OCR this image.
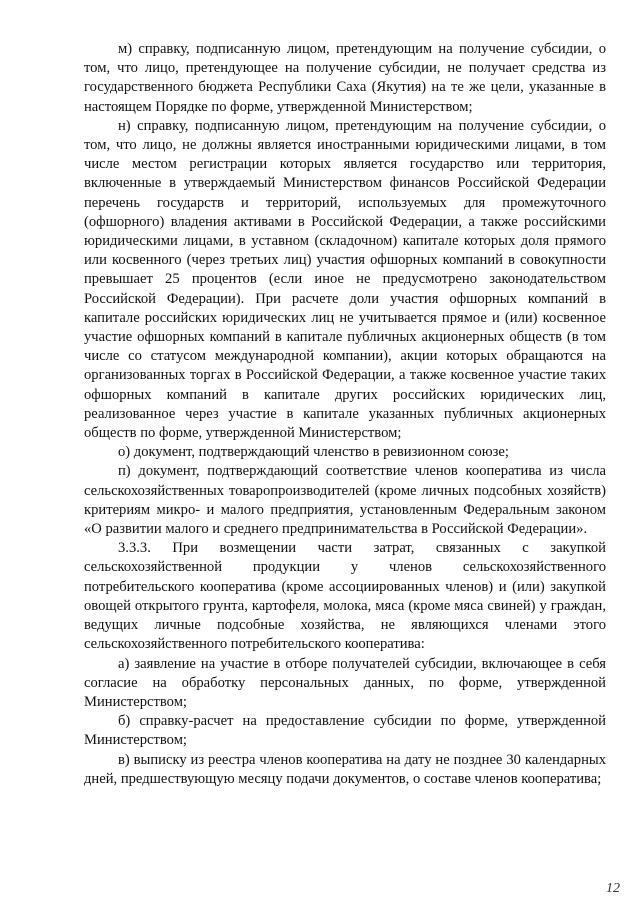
м) справку, подписанную лицом, претендующим на получение субсидии, о том, что лицо, претендующее на получение субсидии, не получает средства из государственного бюджета Республики Саха (Якутия) на те же цели, указанные в настоящем Порядке по форме, утвержденной Министерством;

н) справку, подписанную лицом, претендующим на получение субсидии, о том, что лицо, не должны является иностранными юридическими лицами, в том числе местом регистрации которых является государство или территория, включенные в утверждаемый Министерством финансов Российской Федерации перечень государств и территорий, используемых для промежуточного (офшорного) владения активами в Российской Федерации, а также российскими юридическими лицами, в уставном (складочном) капитале которых доля прямого или косвенного (через третьих лиц) участия офшорных компаний в совокупности превышает 25 процентов (если иное не предусмотрено законодательством Российской Федерации). При расчете доли участия офшорных компаний в капитале российских юридических лиц не учитывается прямое и (или) косвенное участие офшорных компаний в капитале публичных акционерных обществ (в том числе со статусом международной компании), акции которых обращаются на организованных торгах в Российской Федерации, а также косвенное участие таких офшорных компаний в капитале других российских юридических лиц, реализованное через участие в капитале указанных публичных акционерных обществ по форме, утвержденной Министерством;

о) документ, подтверждающий членство в ревизионном союзе;

п) документ, подтверждающий соответствие членов кооператива из числа сельскохозяйственных товаропроизводителей (кроме личных подсобных хозяйств) критериям микро- и малого предприятия, установленным Федеральным законом «О развитии малого и среднего предпринимательства в Российской Федерации».

3.3.3. При возмещении части затрат, связанных с закупкой сельскохозяйственной продукции у членов сельскохозяйственного потребительского кооператива (кроме ассоциированных членов) и (или) закупкой овощей открытого грунта, картофеля, молока, мяса (кроме мяса свиней) у граждан, ведущих личные подсобные хозяйства, не являющихся членами этого сельскохозяйственного потребительского кооператива:

а) заявление на участие в отборе получателей субсидии, включающее в себя согласие на обработку персональных данных, по форме, утвержденной Министерством;

б) справку-расчет на предоставление субсидии по форме, утвержденной Министерством;

в) выписку из реестра членов кооператива на дату не позднее 30 календарных дней, предшествующую месяцу подачи документов, о составе членов кооператива;

12
